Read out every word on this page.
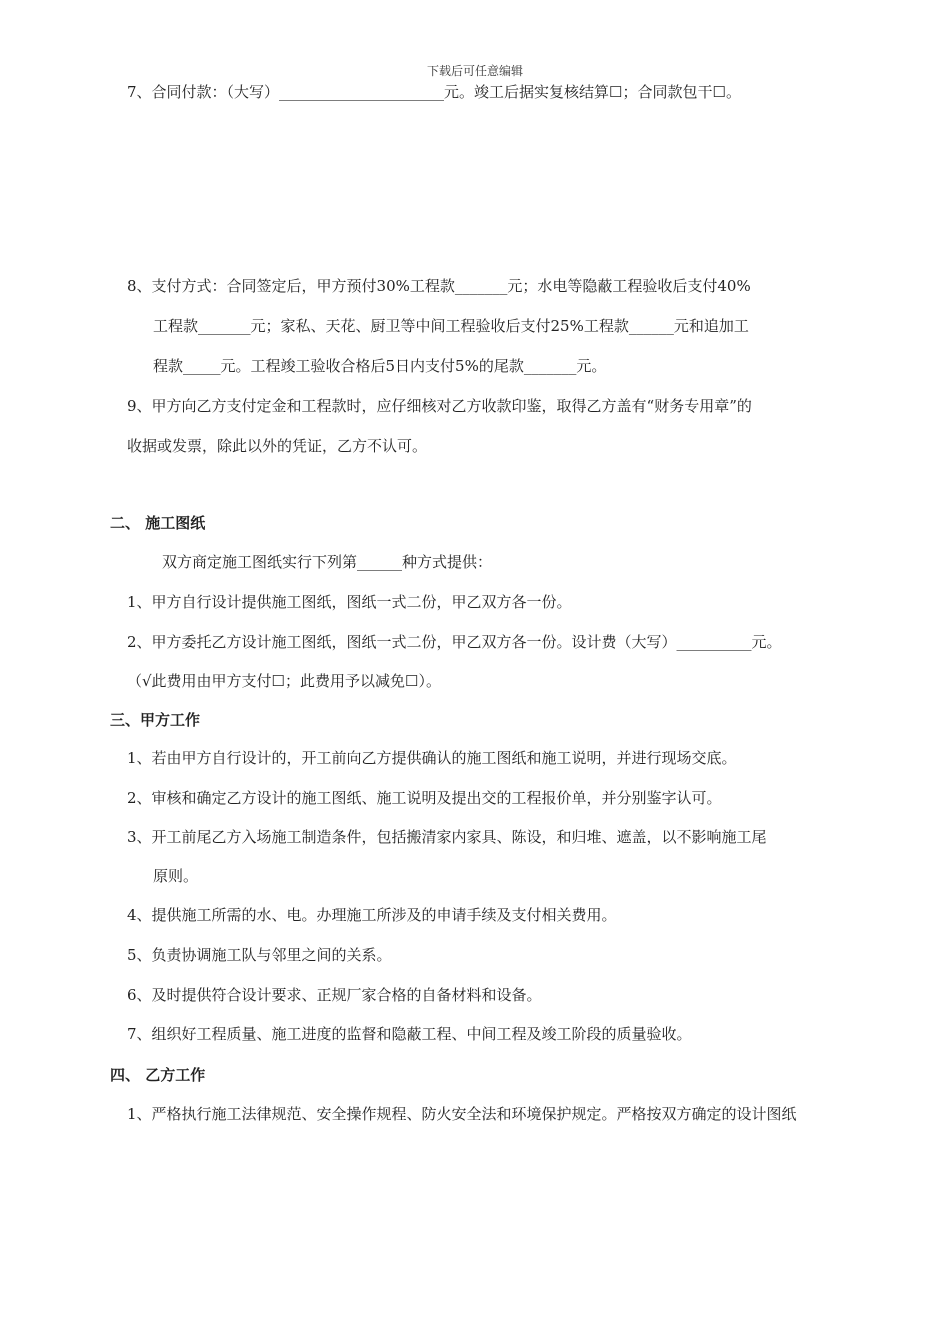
下载后可任意编辑
7、合同付款：（大写）______________________元。竣工后据实复核结算☐；合同款包干☐。
8、支付方式：合同签定后，甲方预付30%工程款_______元；水电等隐蔽工程验收后支付40%
工程款_______元；家私、天花、厨卫等中间工程验收后支付25%工程款______元和追加工
程款_____元。工程竣工验收合格后5日内支付5%的尾款_______元。
9、甲方向乙方支付定金和工程款时，应仔细核对乙方收款印鉴，取得乙方盖有“财务专用章”的
收据或发票，除此以外的凭证，乙方不认可。
二、 施工图纸
双方商定施工图纸实行下列第______种方式提供：
1、甲方自行设计提供施工图纸，图纸一式二份，甲乙双方各一份。
2、甲方委托乙方设计施工图纸，图纸一式二份，甲乙双方各一份。设计费（大写）__________元。
（√此费用由甲方支付☐；此费用予以减免☐）。
三、甲方工作
1、若由甲方自行设计的，开工前向乙方提供确认的施工图纸和施工说明，并进行现场交底。
2、审核和确定乙方设计的施工图纸、施工说明及提出交的工程报价单，并分别鉴字认可。
3、开工前尾乙方入场施工制造条件，包括搬清家内家具、陈设，和归堆、遮盖，以不影响施工尾
原则。
4、提供施工所需的水、电。办理施工所涉及的申请手续及支付相关费用。
5、负责协调施工队与邻里之间的关系。
6、及时提供符合设计要求、正规厂家合格的自备材料和设备。
7、组织好工程质量、施工进度的监督和隐蔽工程、中间工程及竣工阶段的质量验收。
四、 乙方工作
1、严格执行施工法律规范、安全操作规程、防火安全法和环境保护规定。严格按双方确定的设计图纸
